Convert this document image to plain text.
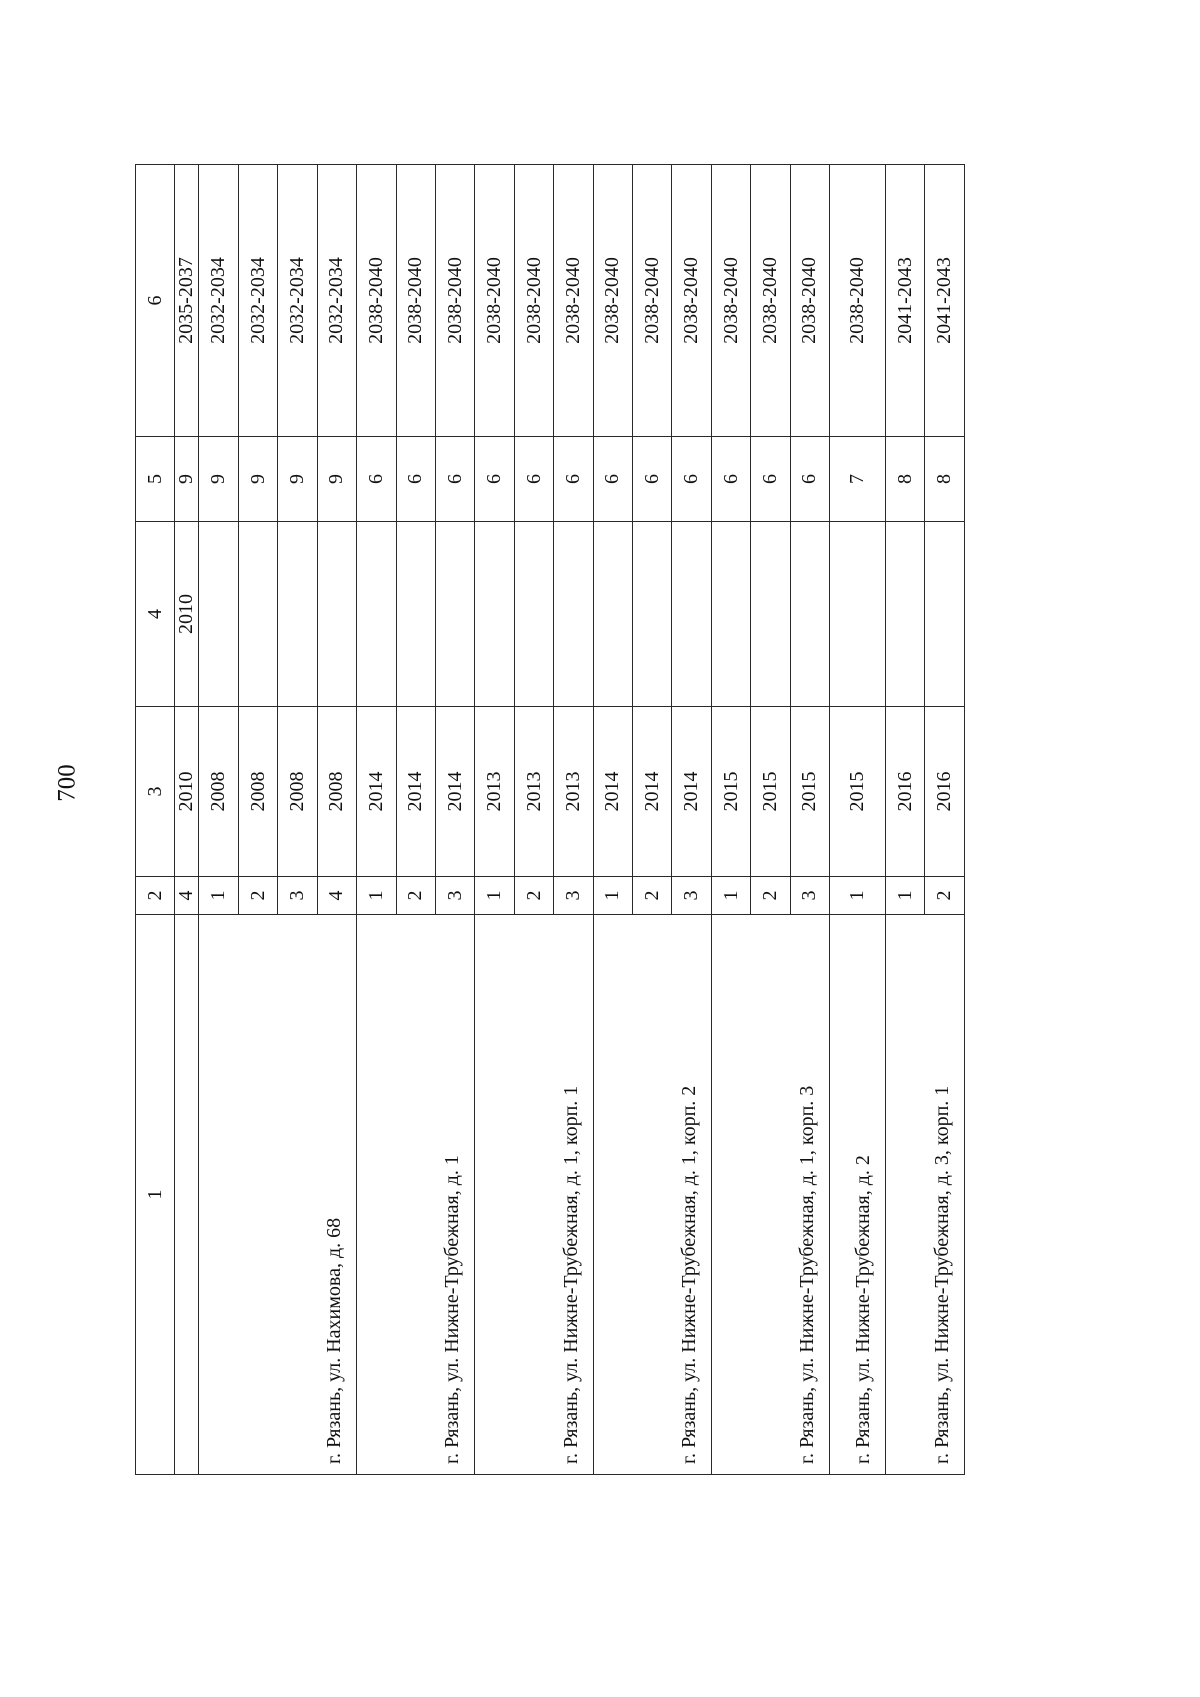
700
1	2	3	4	5	6
	4	2010	2010	9	2035-2037
г. Рязань, ул. Нахимова, д. 68	1	2008		9	2032-2034
	2	2008		9	2032-2034
	3	2008		9	2032-2034
	4	2008		9	2032-2034
г. Рязань, ул. Нижне-Трубежная, д. 1	1	2014		6	2038-2040
	2	2014		6	2038-2040
	3	2014		6	2038-2040
г. Рязань, ул. Нижне-Трубежная, д. 1, корп. 1	1	2013		6	2038-2040
	2	2013		6	2038-2040
	3	2013		6	2038-2040
г. Рязань, ул. Нижне-Трубежная, д. 1, корп. 2	1	2014		6	2038-2040
	2	2014		6	2038-2040
	3	2014		6	2038-2040
г. Рязань, ул. Нижне-Трубежная, д. 1, корп. 3	1	2015		6	2038-2040
	2	2015		6	2038-2040
	3	2015		6	2038-2040
г. Рязань, ул. Нижне-Трубежная, д. 2	1	2015		7	2038-2040
г. Рязань, ул. Нижне-Трубежная, д. 3, корп. 1	1	2016		8	2041-2043
	2	2016		8	2041-2043
